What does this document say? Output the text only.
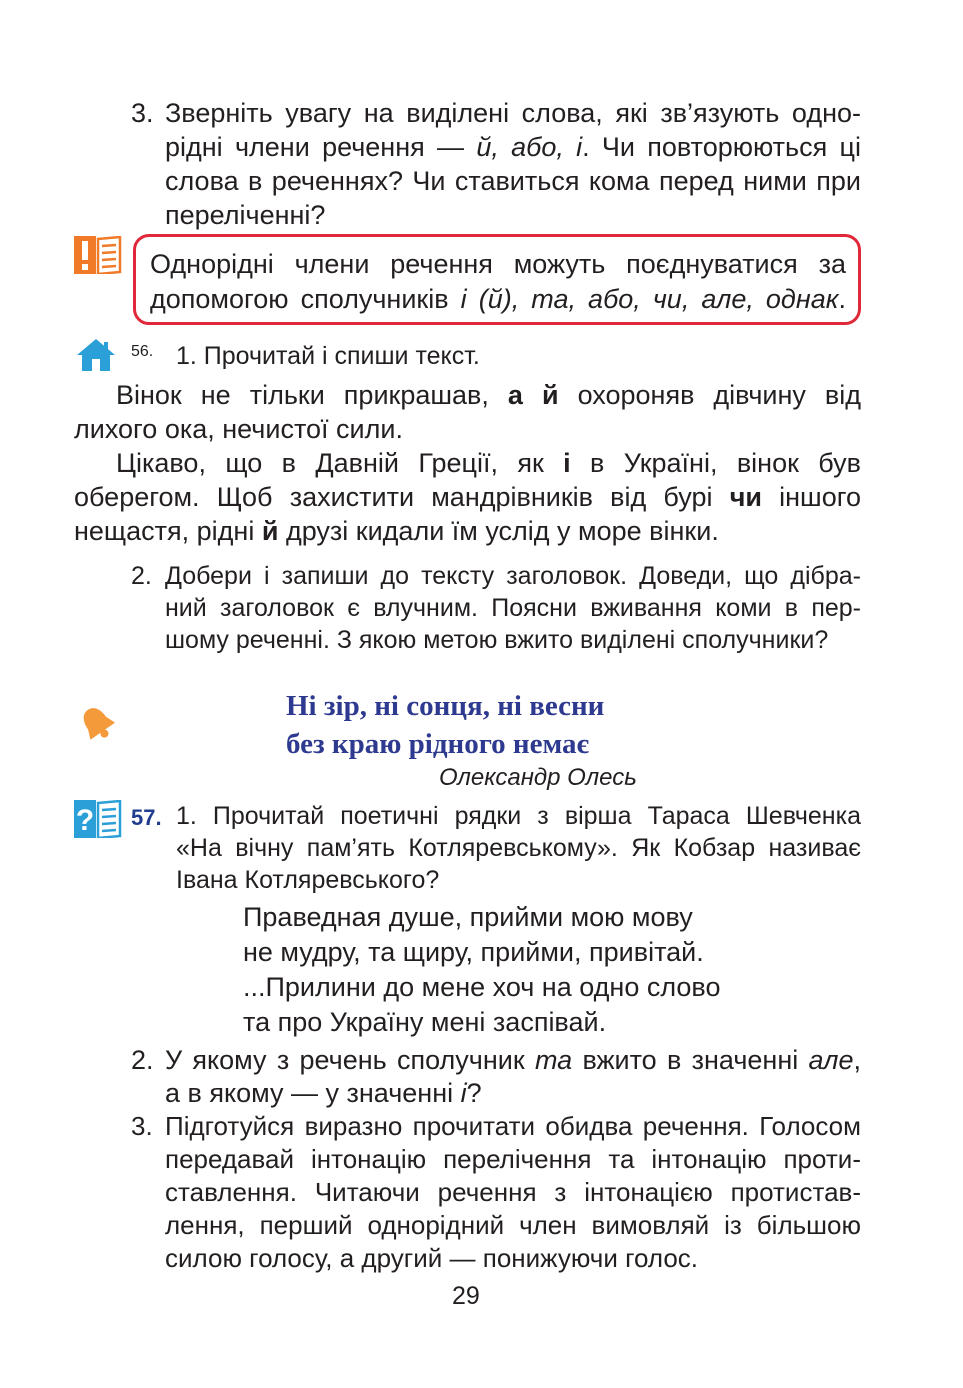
3. Зверніть увагу на виділені слова, які зв’язують одно-
рідні члени речення — й, або, і. Чи повторюються ці
слова в реченнях? Чи ставиться кома перед ними при
переліченні?
Однорідні члени речення можуть поєднуватися за
допомогою сполучників і (й), та, або, чи, але, однак.
56. 1. Прочитай і спиши текст.
Вінок не тільки прикрашав, а й охороняв дівчину від
лихого ока, нечистої сили.
Цікаво, що в Давній Греції, як і в Україні, вінок був
оберегом. Щоб захистити мандрівників від бурі чи іншого
нещастя, рідні й друзі кидали їм услід у море вінки.
2. Добери і запиши до тексту заголовок. Доведи, що дібра-
ний заголовок є влучним. Поясни вживання коми в пер-
шому реченні. З якою метою вжито виділені сполучники?
Ні зір, ні сонця, ні весни
без краю рідного немає
Олександр Олесь
? 57. 1. Прочитай поетичні рядки з вірша Тараса Шевченка
«На вічну пам’ять Котляревському». Як Кобзар називає
Івана Котляревського?
Праведная душе, прийми мою мову
не мудру, та щиру, прийми, привітай.
...Прилини до мене хоч на одно слово
та про Україну мені заспівай.
2. У якому з речень сполучник та вжито в значенні але,
а в якому — у значенні і?
3. Підготуйся виразно прочитати обидва речення. Голосом
передавай інтонацію перелічення та інтонацію проти-
ставлення. Читаючи речення з інтонацією протистав-
лення, перший однорідний член вимовляй із більшою
силою голосу, а другий — понижуючи голос.
29
